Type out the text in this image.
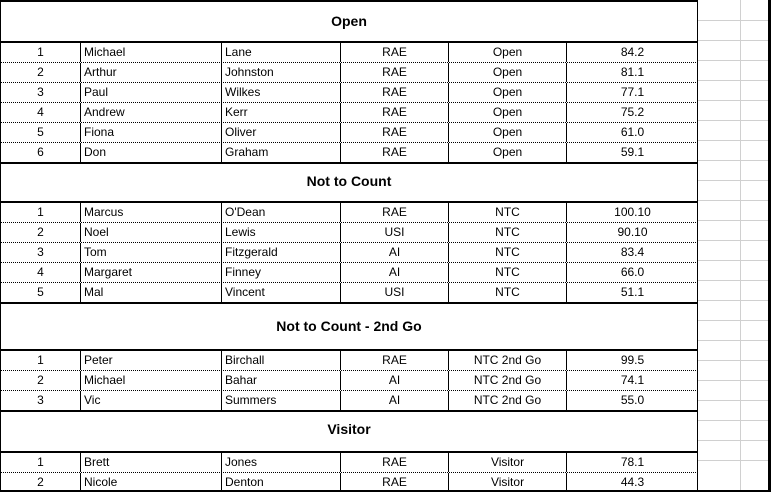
Open
1	Michael	Lane	RAE	Open	84.2
2	Arthur	Johnston	RAE	Open	81.1
3	Paul	Wilkes	RAE	Open	77.1
4	Andrew	Kerr	RAE	Open	75.2
5	Fiona	Oliver	RAE	Open	61.0
6	Don	Graham	RAE	Open	59.1
Not to Count
1	Marcus	O'Dean	RAE	NTC	100.10
2	Noel	Lewis	USI	NTC	90.10
3	Tom	Fitzgerald	AI	NTC	83.4
4	Margaret	Finney	AI	NTC	66.0
5	Mal	Vincent	USI	NTC	51.1
Not to Count - 2nd Go
1	Peter	Birchall	RAE	NTC 2nd Go	99.5
2	Michael	Bahar	AI	NTC 2nd Go	74.1
3	Vic	Summers	AI	NTC 2nd Go	55.0
Visitor
1	Brett	Jones	RAE	Visitor	78.1
2	Nicole	Denton	RAE	Visitor	44.3
